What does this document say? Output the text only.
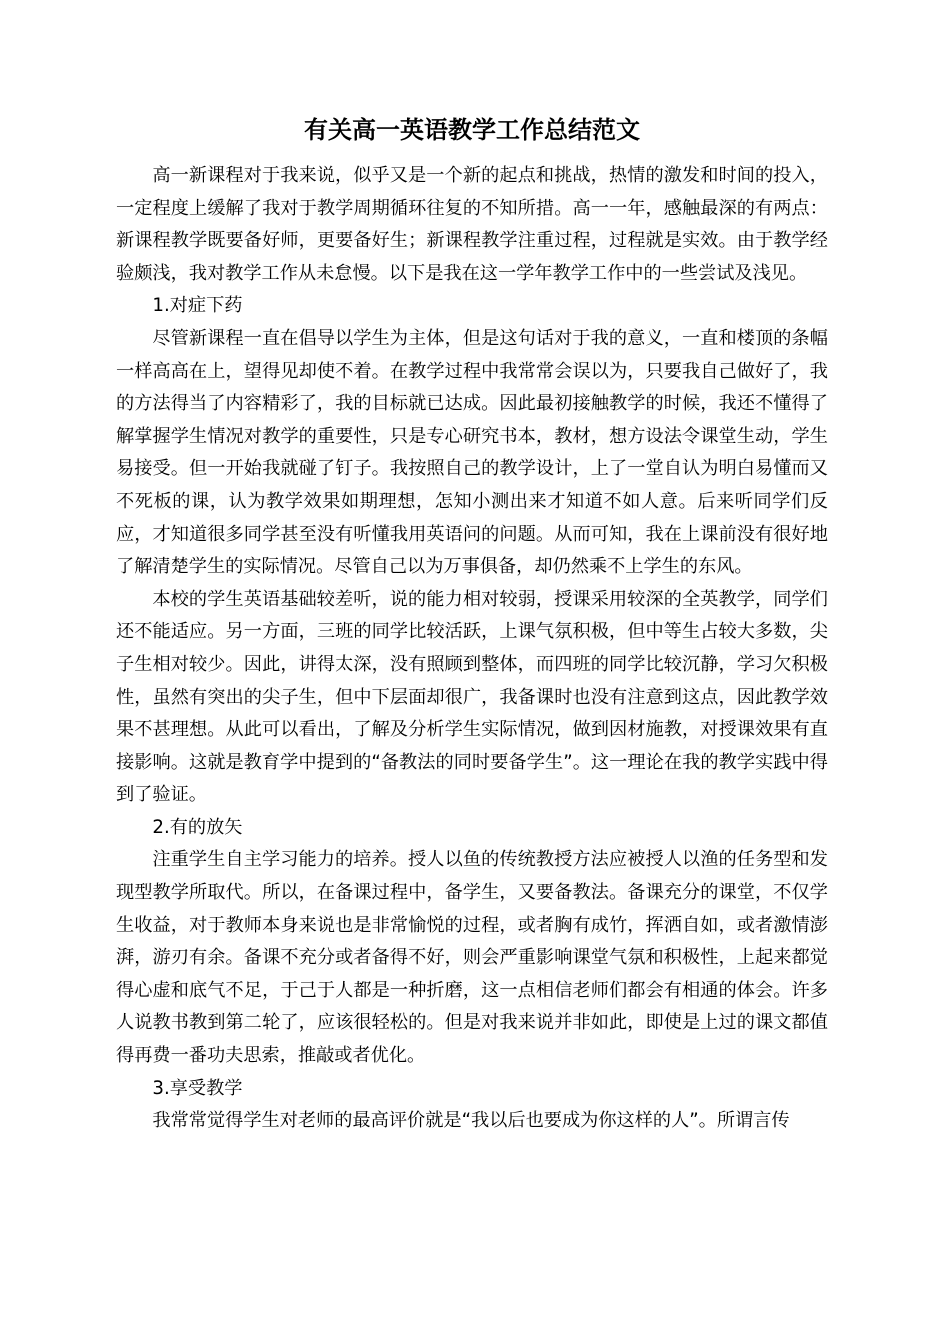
有关高一英语教学工作总结范文

高一新课程对于我来说，似乎又是一个新的起点和挑战，热情的激发和时间的投入，一定程度上缓解了我对于教学周期循环往复的不知所措。高一一年，感触最深的有两点：新课程教学既要备好师，更要备好生；新课程教学注重过程，过程就是实效。由于教学经验颇浅，我对教学工作从未怠慢。以下是我在这一学年教学工作中的一些尝试及浅见。

1.对症下药

尽管新课程一直在倡导以学生为主体，但是这句话对于我的意义，一直和楼顶的条幅一样高高在上，望得见却使不着。在教学过程中我常常会误以为，只要我自己做好了，我的方法得当了内容精彩了，我的目标就已达成。因此最初接触教学的时候，我还不懂得了解掌握学生情况对教学的重要性，只是专心研究书本，教材，想方设法令课堂生动，学生易接受。但一开始我就碰了钉子。我按照自己的教学设计，上了一堂自认为明白易懂而又不死板的课，认为教学效果如期理想，怎知小测出来才知道不如人意。后来听同学们反应，才知道很多同学甚至没有听懂我用英语问的问题。从而可知，我在上课前没有很好地了解清楚学生的实际情况。尽管自己以为万事俱备，却仍然乘不上学生的东风。

本校的学生英语基础较差听，说的能力相对较弱，授课采用较深的全英教学，同学们还不能适应。另一方面，三班的同学比较活跃，上课气氛积极，但中等生占较大多数，尖子生相对较少。因此，讲得太深，没有照顾到整体，而四班的同学比较沉静，学习欠积极性，虽然有突出的尖子生，但中下层面却很广，我备课时也没有注意到这点，因此教学效果不甚理想。从此可以看出，了解及分析学生实际情况，做到因材施教，对授课效果有直接影响。这就是教育学中提到的“备教法的同时要备学生”。这一理论在我的教学实践中得到了验证。

2.有的放矢

注重学生自主学习能力的培养。授人以鱼的传统教授方法应被授人以渔的任务型和发现型教学所取代。所以，在备课过程中，备学生，又要备教法。备课充分的课堂，不仅学生收益，对于教师本身来说也是非常愉悦的过程，或者胸有成竹，挥洒自如，或者激情澎湃，游刃有余。备课不充分或者备得不好，则会严重影响课堂气氛和积极性，上起来都觉得心虚和底气不足，于己于人都是一种折磨，这一点相信老师们都会有相通的体会。许多人说教书教到第二轮了，应该很轻松的。但是对我来说并非如此，即使是上过的课文都值得再费一番功夫思索，推敲或者优化。

3.享受教学

我常常觉得学生对老师的最高评价就是“我以后也要成为你这样的人”。所谓言传
